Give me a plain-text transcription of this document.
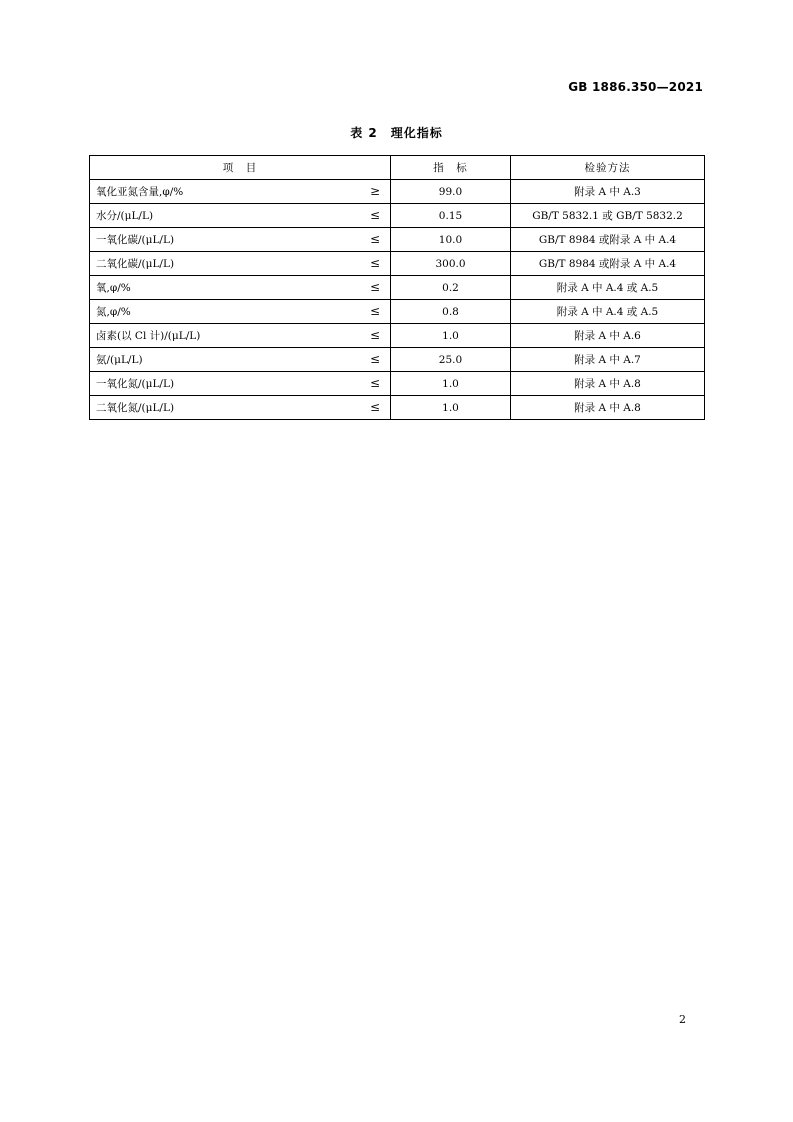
GB 1886.350—2021
表 2　理化指标
项　目	指　标	检验方法

氧化亚氮含量,φ/% ≥	99.0	附录 A 中 A.3

水分/(μL/L) ≤	0.15	GB/T 5832.1 或 GB/T 5832.2

一氧化碳/(μL/L) ≤	10.0	GB/T 8984 或附录 A 中 A.4

二氧化碳/(μL/L) ≤	300.0	GB/T 8984 或附录 A 中 A.4

氧,φ/% ≤	0.2	附录 A 中 A.4 或 A.5

氮,φ/% ≤	0.8	附录 A 中 A.4 或 A.5

卤素(以 Cl 计)/(μL/L) ≤	1.0	附录 A 中 A.6

氨/(μL/L) ≤	25.0	附录 A 中 A.7

一氧化氮/(μL/L) ≤	1.0	附录 A 中 A.8

二氧化氮/(μL/L) ≤	1.0	附录 A 中 A.8
2
